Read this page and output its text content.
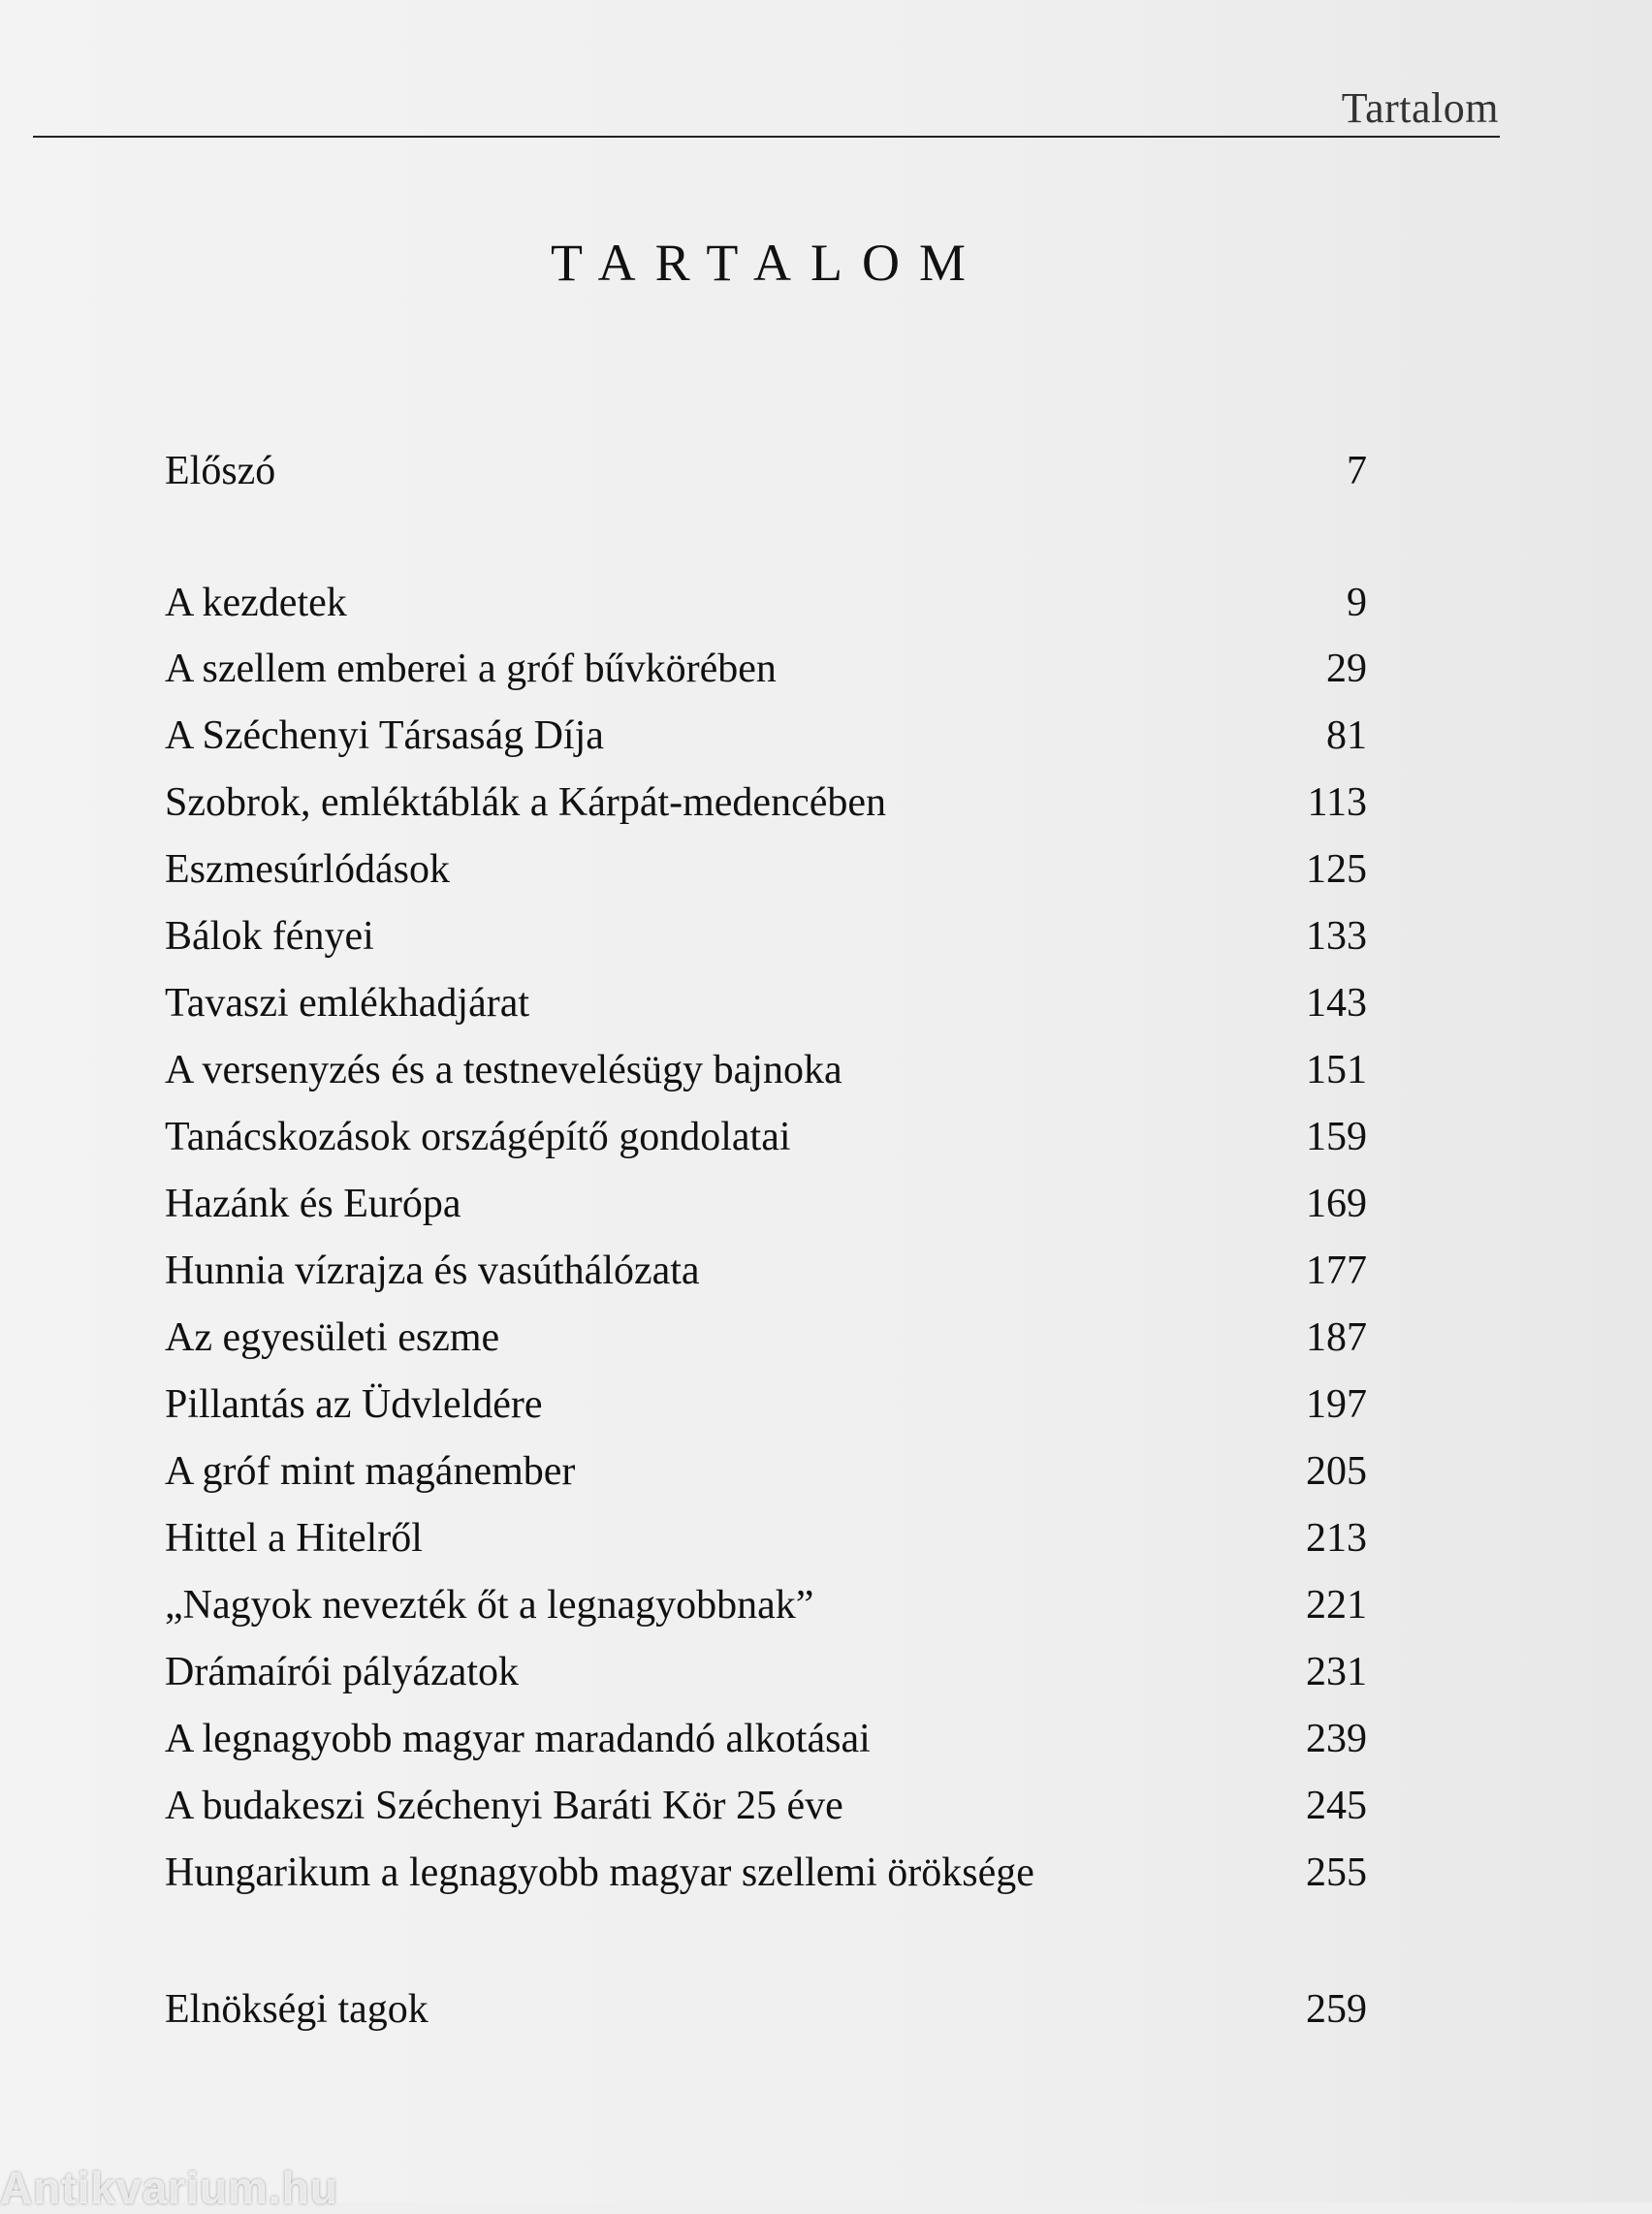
Tartalom
TARTALOM
Előszó	7
A kezdetek	9
A szellem emberei a gróf bűvkörében	29
A Széchenyi Társaság Díja	81
Szobrok, emléktáblák a Kárpát-medencében	113
Eszmesúrlódások	125
Bálok fényei	133
Tavaszi emlékhadjárat	143
A versenyzés és a testnevelésügy bajnoka	151
Tanácskozások országépítő gondolatai	159
Hazánk és Európa	169
Hunnia vízrajza és vasúthálózata	177
Az egyesületi eszme	187
Pillantás az Üdvleldére	197
A gróf mint magánember	205
Hittel a Hitelről	213
„Nagyok nevezték őt a legnagyobbnak”	221
Drámaírói pályázatok	231
A legnagyobb magyar maradandó alkotásai	239
A budakeszi Széchenyi Baráti Kör 25 éve	245
Hungarikum a legnagyobb magyar szellemi öröksége	255
Elnökségi tagok	259
Antikvarium.hu
